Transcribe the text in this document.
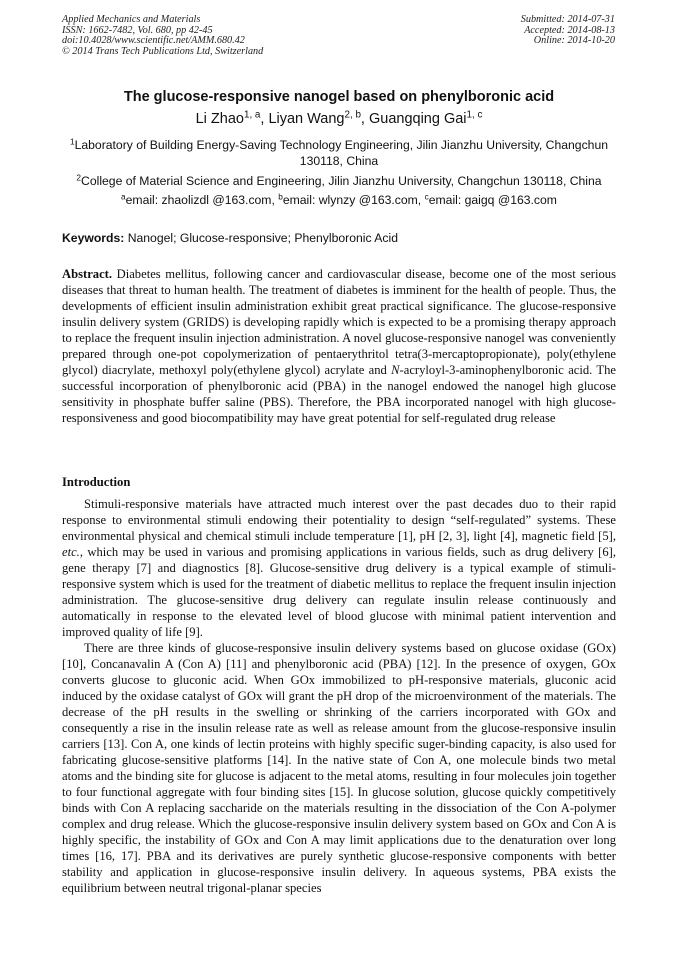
Applied Mechanics and Materials
ISSN: 1662-7482, Vol. 680, pp 42-45
doi:10.4028/www.scientific.net/AMM.680.42
© 2014 Trans Tech Publications Ltd, Switzerland
Submitted: 2014-07-31
Accepted: 2014-08-13
Online: 2014-10-20
The glucose-responsive nanogel based on phenylboronic acid
Li Zhao$^{1, a}$, Liyan Wang$^{2, b}$, Guangqing Gai$^{1, c}$
$^1$Laboratory of Building Energy-Saving Technology Engineering, Jilin Jianzhu University, Changchun 130118, China
$^2$College of Material Science and Engineering, Jilin Jianzhu University, Changchun 130118, China
$^a$email: zhaolizdl @163.com, $^b$email: wlynzy @163.com, $^c$email: gaigq @163.com
Keywords: Nanogel; Glucose-responsive; Phenylboronic Acid
Abstract. Diabetes mellitus, following cancer and cardiovascular disease, become one of the most serious diseases that threat to human health. The treatment of diabetes is imminent for the health of people. Thus, the developments of efficient insulin administration exhibit great practical significance. The glucose-responsive insulin delivery system (GRIDS) is developing rapidly which is expected to be a promising therapy approach to replace the frequent insulin injection administration. A novel glucose-responsive nanogel was conveniently prepared through one-pot copolymerization of pentaerythritol tetra(3-mercaptopropionate), poly(ethylene glycol) diacrylate, methoxyl poly(ethylene glycol) acrylate and N-acryloyl-3-aminophenylboronic acid. The successful incorporation of phenylboronic acid (PBA) in the nanogel endowed the nanogel high glucose sensitivity in phosphate buffer saline (PBS). Therefore, the PBA incorporated nanogel with high glucose-responsiveness and good biocompatibility may have great potential for self-regulated drug release
Introduction

Stimuli-responsive materials have attracted much interest over the past decades duo to their rapid response to environmental stimuli endowing their potentiality to design “self-regulated” systems. These environmental physical and chemical stimuli include temperature [1], pH [2, 3], light [4], magnetic field [5], etc., which may be used in various and promising applications in various fields, such as drug delivery [6], gene therapy [7] and diagnostics [8]. Glucose-sensitive drug delivery is a typical example of stimuli-responsive system which is used for the treatment of diabetic mellitus to replace the frequent insulin injection administration. The glucose-sensitive drug delivery can regulate insulin release continuously and automatically in response to the elevated level of blood glucose with minimal patient intervention and improved quality of life [9].

There are three kinds of glucose-responsive insulin delivery systems based on glucose oxidase (GOx) [10], Concanavalin A (Con A) [11] and phenylboronic acid (PBA) [12]. In the presence of oxygen, GOx converts glucose to gluconic acid. When GOx immobilized to pH-responsive materials, gluconic acid induced by the oxidase catalyst of GOx will grant the pH drop of the microenvironment of the materials. The decrease of the pH results in the swelling or shrinking of the carriers incorporated with GOx and consequently a rise in the insulin release rate as well as release amount from the glucose-responsive insulin carriers [13]. Con A, one kinds of lectin proteins with highly specific suger-binding capacity, is also used for fabricating glucose-sensitive platforms [14]. In the native state of Con A, one molecule binds two metal atoms and the binding site for glucose is adjacent to the metal atoms, resulting in four molecules join together to four functional aggregate with four binding sites [15]. In glucose solution, glucose quickly competitively binds with Con A replacing saccharide on the materials resulting in the dissociation of the Con A-polymer complex and drug release. Which the glucose-responsive insulin delivery system based on GOx and Con A is highly specific, the instability of GOx and Con A may limit applications due to the denaturation over long times [16, 17]. PBA and its derivatives are purely synthetic glucose-responsive components with better stability and application in glucose-responsive insulin delivery. In aqueous systems, PBA exists the equilibrium between neutral trigonal-planar species
